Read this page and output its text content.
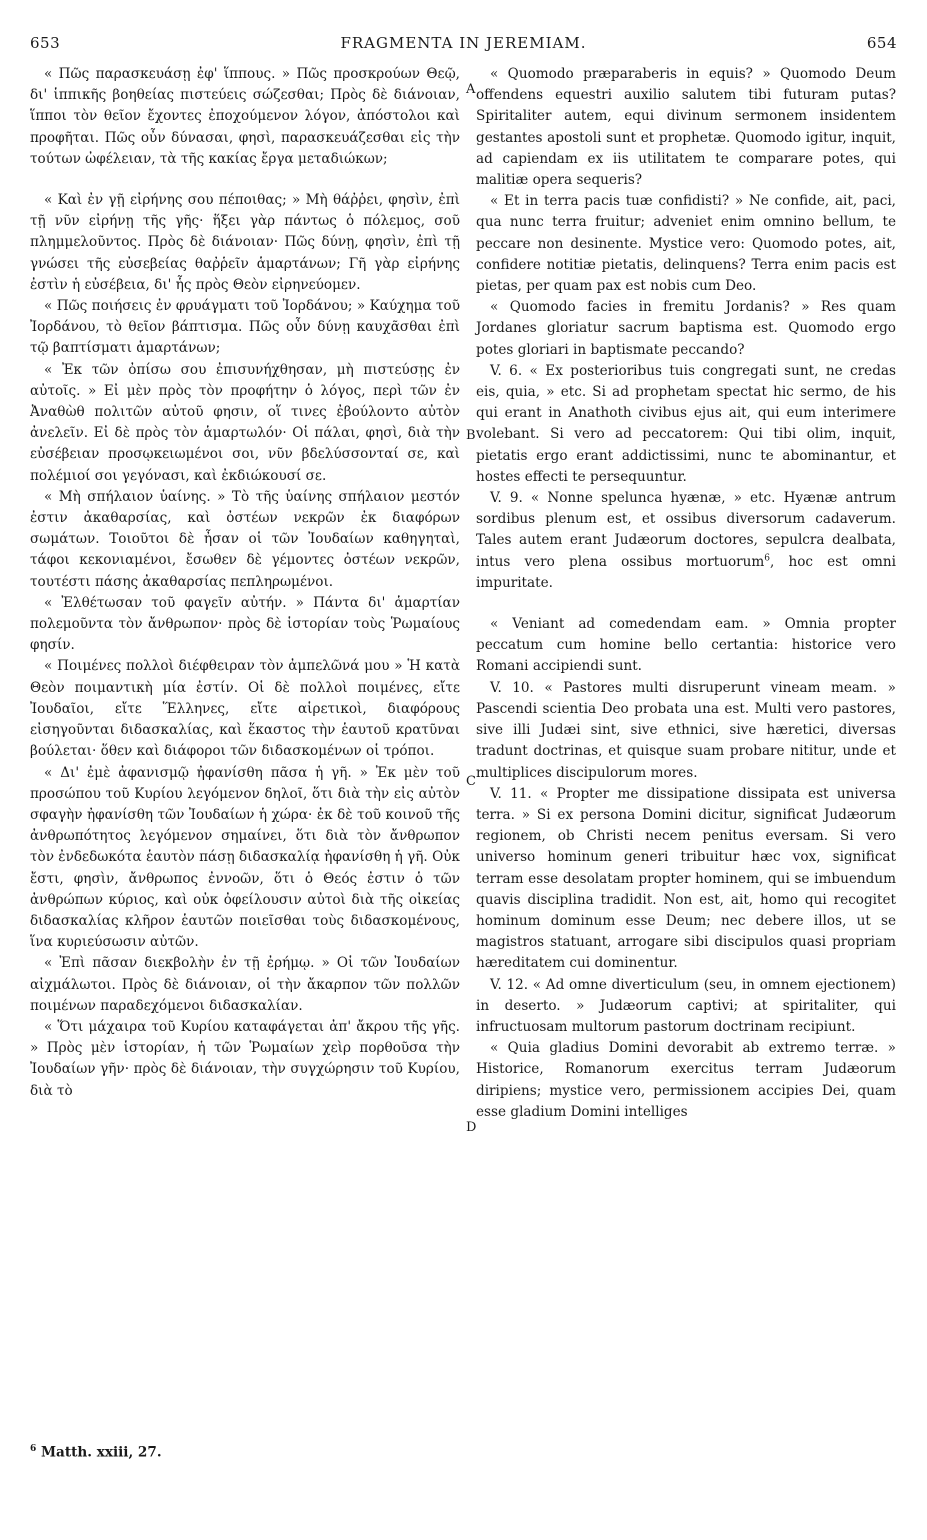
653	FRAGMENTA IN JEREMIAM.	654

« Πῶς παρασκευάσῃ ἐφ' ἵππους. » Πῶς προσκρούων Θεῷ, δι' ἱππικῆς βοηθείας πιστεύεις σώζεσθαι; Πρὸς δὲ διάνοιαν, ἵπποι τὸν θεῖον ἔχοντες ἐποχούμενον λόγον, ἀπόστολοι καὶ προφῆται. Πῶς οὖν δύνασαι, φησὶ, παρασκευάζεσθαι εἰς τὴν τούτων ὠφέλειαν, τὰ τῆς κακίας ἔργα μεταδιώκων;

« Καὶ ἐν γῇ εἰρήνης σου πέποιθας; » Μὴ θάῤῥει, φησὶν, ἐπὶ τῇ νῦν εἰρήνῃ τῆς γῆς· ἥξει γὰρ πάντως ὁ πόλεμος, σοῦ πλημμελοῦντος. Πρὸς δὲ διάνοιαν· Πῶς δύνῃ, φησὶν, ἐπὶ τῇ γνώσει τῆς εὐσεβείας θαῤῥεῖν ἁμαρτάνων; Γῆ γὰρ εἰρήνης ἐστὶν ἡ εὐσέβεια, δι' ἧς πρὸς Θεὸν εἰρηνεύομεν.

« Πῶς ποιήσεις ἐν φρυάγματι τοῦ Ἰορδάνου; » Καύχημα τοῦ Ἰορδάνου, τὸ θεῖον βάπτισμα. Πῶς οὖν δύνῃ καυχᾶσθαι ἐπὶ τῷ βαπτίσματι ἁμαρτάνων;

« Ἐκ τῶν ὀπίσω σου ἐπισυνήχθησαν, μὴ πιστεύσῃς ἐν αὐτοῖς. » Εἰ μὲν πρὸς τὸν προφήτην ὁ λόγος, περὶ τῶν ἐν Ἀναθὼθ πολιτῶν αὐτοῦ φησιν, οἵ τινες ἐβούλοντο αὐτὸν ἀνελεῖν. Εἰ δὲ πρὸς τὸν ἁμαρτωλόν· Οἱ πάλαι, φησὶ, διὰ τὴν εὐσέβειαν προσῳκειωμένοι σοι, νῦν βδελύσσονταί σε, καὶ πολέμιοί σοι γεγόνασι, καὶ ἐκδιώκουσί σε.

« Μὴ σπήλαιον ὑαίνης. » Τὸ τῆς ὑαίνης σπήλαιον μεστόν ἐστιν ἀκαθαρσίας, καὶ ὀστέων νεκρῶν ἐκ διαφόρων σωμάτων. Τοιοῦτοι δὲ ἦσαν οἱ τῶν Ἰουδαίων καθηγηταὶ, τάφοι κεκονιαμένοι, ἔσωθεν δὲ γέμοντες ὀστέων νεκρῶν, τουτέστι πάσης ἀκαθαρσίας πεπληρωμένοι.

« Ἐλθέτωσαν τοῦ φαγεῖν αὐτήν. » Πάντα δι' ἁμαρτίαν πολεμοῦντα τὸν ἄνθρωπον· πρὸς δὲ ἱστορίαν τοὺς Ῥωμαίους φησίν.

« Ποιμένες πολλοὶ διέφθειραν τὸν ἀμπελῶνά μου » Ἡ κατὰ Θεὸν ποιμαντικὴ μία ἐστίν. Οἱ δὲ πολλοὶ ποιμένες, εἴτε Ἰουδαῖοι, εἴτε Ἕλληνες, εἴτε αἱρετικοὶ, διαφόρους εἰσηγοῦνται διδασκαλίας, καὶ ἕκαστος τὴν ἑαυτοῦ κρατῦναι βούλεται· ὅθεν καὶ διάφοροι τῶν διδασκομένων οἱ τρόποι.

« Δι' ἐμὲ ἀφανισμῷ ἠφανίσθη πᾶσα ἡ γῆ. » Ἐκ μὲν τοῦ προσώπου τοῦ Κυρίου λεγόμενον δηλοῖ, ὅτι διὰ τὴν εἰς αὐτὸν σφαγὴν ἠφανίσθη τῶν Ἰουδαίων ἡ χώρα· ἐκ δὲ τοῦ κοινοῦ τῆς ἀνθρωπότητος λεγόμενον σημαίνει, ὅτι διὰ τὸν ἄνθρωπον τὸν ἐνδεδωκότα ἑαυτὸν πάσῃ διδασκαλίᾳ ἠφανίσθη ἡ γῆ. Οὐκ ἔστι, φησὶν, ἄνθρωπος ἐννοῶν, ὅτι ὁ Θεός ἐστιν ὁ τῶν ἀνθρώπων κύριος, καὶ οὐκ ὀφείλουσιν αὐτοὶ διὰ τῆς οἰκείας διδασκαλίας κλῆρον ἑαυτῶν ποιεῖσθαι τοὺς διδασκομένους, ἵνα κυριεύσωσιν αὐτῶν.

« Ἐπὶ πᾶσαν διεκβολὴν ἐν τῇ ἐρήμῳ. » Οἱ τῶν Ἰουδαίων αἰχμάλωτοι. Πρὸς δὲ διάνοιαν, οἱ τὴν ἄκαρπον τῶν πολλῶν ποιμένων παραδεχόμενοι διδασκαλίαν.

« Ὅτι μάχαιρα τοῦ Κυρίου καταφάγεται ἀπ' ἄκρου τῆς γῆς. » Πρὸς μὲν ἱστορίαν, ἡ τῶν Ῥωμαίων χεὶρ πορθοῦσα τὴν Ἰουδαίων γῆν· πρὸς δὲ διάνοιαν, τὴν συγχώρησιν τοῦ Κυρίου, διὰ τὸ

A
B
C
D

« Quomodo præparaberis in equis? » Quomodo Deum offendens equestri auxilio salutem tibi futuram putas? Spiritaliter autem, equi divinum sermonem insidentem gestantes apostoli sunt et prophetæ. Quomodo igitur, inquit, ad capiendam ex iis utilitatem te comparare potes, qui malitiæ opera sequeris?

« Et in terra pacis tuæ confidisti? » Ne confide, ait, paci, qua nunc terra fruitur; adveniet enim omnino bellum, te peccare non desinente. Mystice vero: Quomodo potes, ait, confidere notitiæ pietatis, delinquens? Terra enim pacis est pietas, per quam pax est nobis cum Deo.

« Quomodo facies in fremitu Jordanis? » Res quam Jordanes gloriatur sacrum baptisma est. Quomodo ergo potes gloriari in baptismate peccando?

V. 6. « Ex posterioribus tuis congregati sunt, ne credas eis, quia, » etc. Si ad prophetam spectat hic sermo, de his qui erant in Anathoth civibus ejus ait, qui eum interimere volebant. Si vero ad peccatorem: Qui tibi olim, inquit, pietatis ergo erant addictissimi, nunc te abominantur, et hostes effecti te persequuntur.

V. 9. « Nonne spelunca hyænæ, » etc. Hyænæ antrum sordibus plenum est, et ossibus diversorum cadaverum. Tales autem erant Judæorum doctores, sepulcra dealbata, intus vero plena ossibus mortuorum$^6$, hoc est omni impuritate.

« Veniant ad comedendam eam. » Omnia propter peccatum cum homine bello certantia: historice vero Romani accipiendi sunt.

V. 10. « Pastores multi disruperunt vineam meam. » Pascendi scientia Deo probata una est. Multi vero pastores, sive illi Judæi sint, sive ethnici, sive hæretici, diversas tradunt doctrinas, et quisque suam probare nititur, unde et multiplices discipulorum mores.

V. 11. « Propter me dissipatione dissipata est universa terra. » Si ex persona Domini dicitur, significat Judæorum regionem, ob Christi necem penitus eversam. Si vero universo hominum generi tribuitur hæc vox, significat terram esse desolatam propter hominem, qui se imbuendum quavis disciplina tradidit. Non est, ait, homo qui recogitet hominum dominum esse Deum; nec debere illos, ut se magistros statuant, arrogare sibi discipulos quasi propriam hæreditatem cui dominentur.

V. 12. « Ad omne diverticulum (seu, in omnem ejectionem) in deserto. » Judæorum captivi; at spiritaliter, qui infructuosam multorum pastorum doctrinam recipiunt.

« Quia gladius Domini devorabit ab extremo terræ. » Historice, Romanorum exercitus terram Judæorum diripiens; mystice vero, permissionem accipies Dei, quam esse gladium Domini intelliges

$^6$ Matth. xxiii, 27.
